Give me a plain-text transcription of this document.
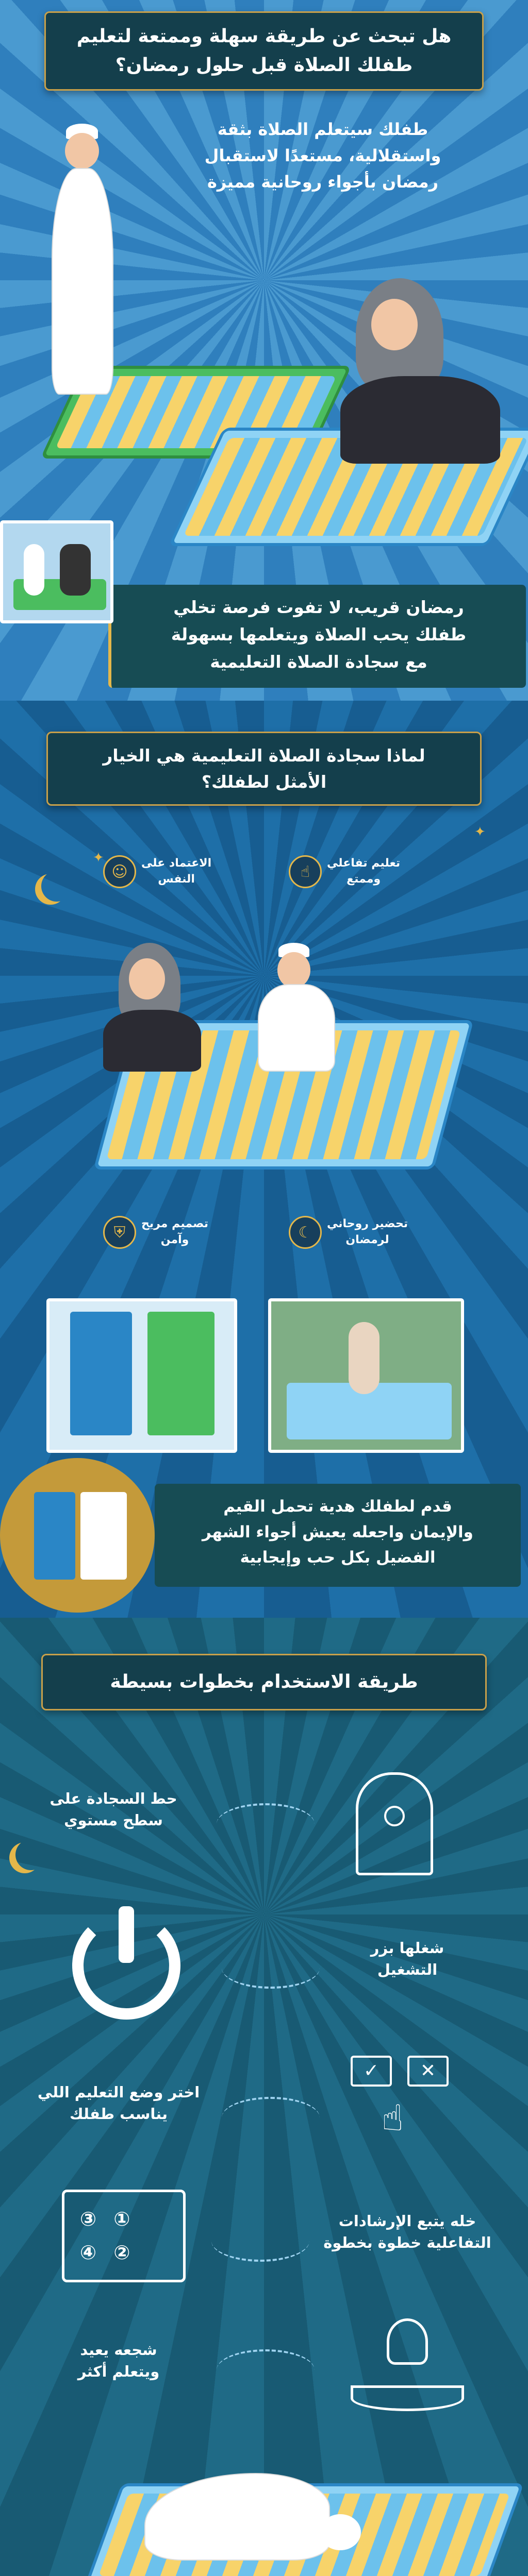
هل تبحث عن طريقة سهلة وممتعة لتعليم
طفلك الصلاة قبل حلول رمضان؟
طفلك سيتعلم الصلاة بثقة
واستقلالية، مستعدًا لاستقبال
رمضان بأجواء روحانية مميزة
رمضان قريب، لا تفوت فرصة تخلي
طفلك يحب الصلاة ويتعلمها بسهولة
مع سجادة الصلاة التعليمية
لماذا سجادة الصلاة التعليمية هي الخيار
الأمثل لطفلك؟
✦
✦
☝	تعليم تفاعلي
وممتع
☺	الاعتماد على
النفس
☾	تحضير روحاني
لرمضان
⛨	تصميم مريح
وآمن
قدم لطفلك هدية تحمل القيم
والإيمان واجعله يعيش أجواء الشهر
الفضيل بكل حب وإيجابية
طريقة الاستخدام بخطوات بسيطة
حط السجادة على
سطح مستوي
شغلها بزر
التشغيل
اختر وضع التعليم اللي
يناسب طفلك
✓	✕
☝
① ③
② ④
خله يتبع الإرشادات
التفاعلية خطوة بخطوة
شجعه يعيد
ويتعلم أكثر
